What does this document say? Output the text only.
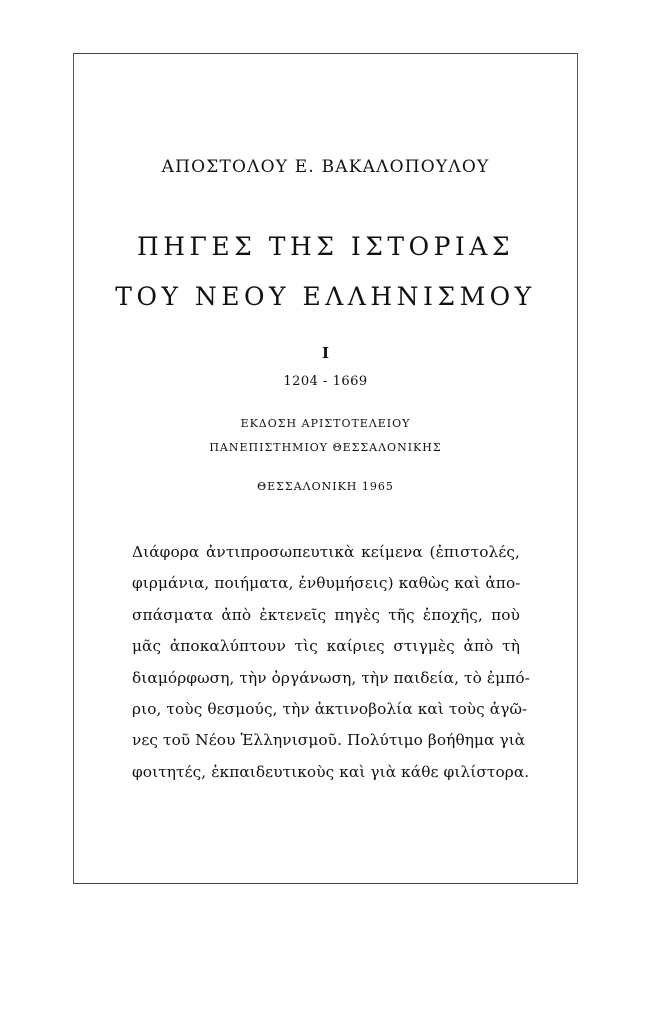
ΑΠΟΣΤΟΛΟΥ Ε. ΒΑΚΑΛΟΠΟΥΛΟΥ
ΠΗΓΕΣ ΤΗΣ ΙΣΤΟΡΙΑΣ
ΤΟΥ ΝΕΟΥ ΕΛΛΗΝΙΣΜΟΥ
Ι
1204 - 1669
ΕΚΔΟΣΗ ΑΡΙΣΤΟΤΕΛΕΙΟΥ
ΠΑΝΕΠΙΣΤΗΜΙΟΥ ΘΕΣΣΑΛΟΝΙΚΗΣ
ΘΕΣΣΑΛΟΝΙΚΗ 1965
Διάφορα ἀντιπροσωπευτικὰ κείμενα (ἐπιστολές,
φιρμάνια, ποιήματα, ἐνθυμήσεις) καθὼς καὶ ἀπο-
σπάσματα ἀπὸ ἐκτενεῖς πηγὲς τῆς ἐποχῆς, ποὺ
μᾶς ἀποκαλύπτουν τὶς καίριες στιγμὲς ἀπὸ τὴ
διαμόρφωση, τὴν ὀργάνωση, τὴν παιδεία, τὸ ἐμπό-
ριο, τοὺς θεσμούς, τὴν ἀκτινοβολία καὶ τοὺς ἀγῶ-
νες τοῦ Νέου Ἑλληνισμοῦ. Πολύτιμο βοήθημα γιὰ
φοιτητές, ἐκπαιδευτικοὺς καὶ γιὰ κάθε φιλίστορα.
